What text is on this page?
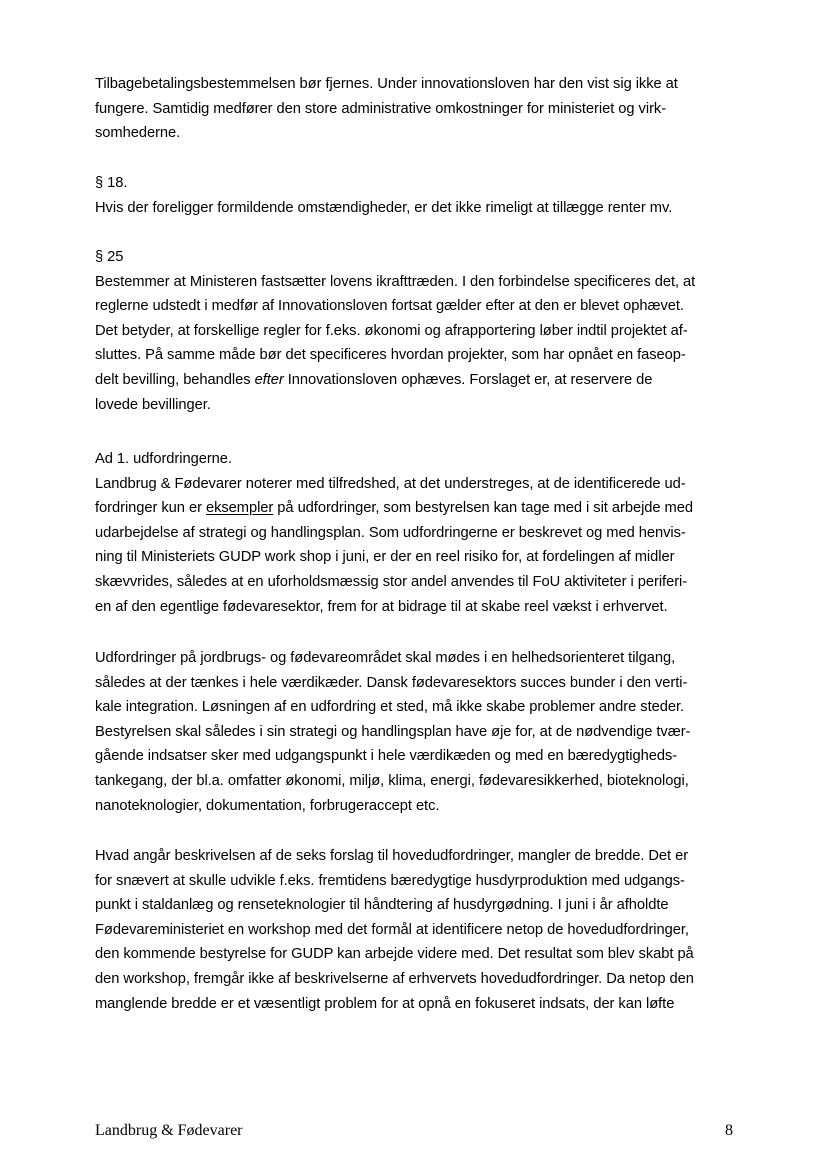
Tilbagebetalingsbestemmelsen bør fjernes. Under innovationsloven har den vist sig ikke at
fungere. Samtidig medfører den store administrative omkostninger for ministeriet og virk-
somhederne.
§ 18.
Hvis der foreligger formildende omstændigheder, er det ikke rimeligt at tillægge renter mv.
§ 25
Bestemmer at Ministeren fastsætter lovens ikrafttræden. I den forbindelse specificeres det, at
reglerne udstedt i medfør af Innovationsloven fortsat gælder efter at den er blevet ophævet.
Det betyder, at forskellige regler for f.eks. økonomi og afrapportering løber indtil projektet af-
sluttes. På samme måde bør det specificeres hvordan projekter, som har opnået en faseop-
delt bevilling, behandles efter Innovationsloven ophæves. Forslaget er, at reservere de
lovede bevillinger.
Ad 1. udfordringerne.
Landbrug & Fødevarer noterer med tilfredshed, at det understreges, at de identificerede ud-
fordringer kun er eksempler på udfordringer, som bestyrelsen kan tage med i sit arbejde med
udarbejdelse af strategi og handlingsplan. Som udfordringerne er beskrevet og med henvis-
ning til Ministeriets GUDP work shop i juni, er der en reel risiko for, at fordelingen af midler
skævvrides, således at en uforholdsmæssig stor andel anvendes til FoU aktiviteter i periferi-
en af den egentlige fødevaresektor, frem for at bidrage til at skabe reel vækst i erhvervet.
Udfordringer på jordbrugs- og fødevareområdet skal mødes i en helhedsorienteret tilgang,
således at der tænkes i hele værdikæder. Dansk fødevaresektors succes bunder i den verti-
kale integration. Løsningen af en udfordring et sted, må ikke skabe problemer andre steder.
Bestyrelsen skal således i sin strategi og handlingsplan have øje for, at de nødvendige tvær-
gående indsatser sker med udgangspunkt i hele værdikæden og med en bæredygtigheds-
tankegang, der bl.a. omfatter økonomi, miljø, klima, energi, fødevaresikkerhed, bioteknologi,
nanoteknologier, dokumentation, forbrugeraccept etc.
Hvad angår beskrivelsen af de seks forslag til hovedudfordringer, mangler de bredde. Det er
for snævert at skulle udvikle f.eks. fremtidens bæredygtige husdyrproduktion med udgangs-
punkt i staldanlæg og renseteknologier til håndtering af husdyrgødning. I juni i år afholdte
Fødevareministeriet en workshop med det formål at identificere netop de hovedudfordringer,
den kommende bestyrelse for GUDP kan arbejde videre med. Det resultat som blev skabt på
den workshop, fremgår ikke af beskrivelserne af erhvervets hovedudfordringer. Da netop den
manglende bredde er et væsentligt problem for at opnå en fokuseret indsats, der kan løfte
Landbrug & Fødevarer	8
